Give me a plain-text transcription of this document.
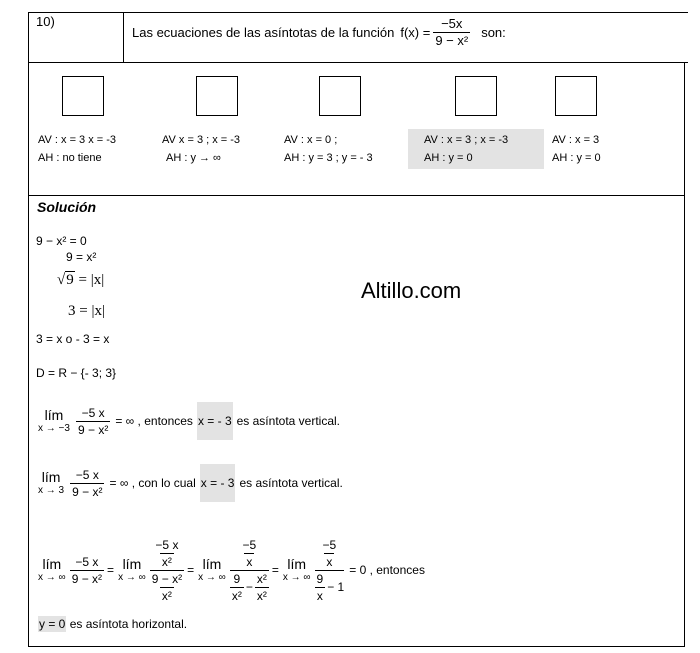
10)
Las ecuaciones de las asíntotas de la función $f(x) = \frac{-5x}{\text{9 − x²}}$ son:
AV : x = 3 x = -3
AH : no tiene
AV x = 3 ; x = -3
AH : y → ∞
AV : x = 0 ;
AH : y = 3 ; y = - 3
AV : x = 3 ; x = -3
AH : y = 0
AV : x = 3
AH : y = 0
Solución
9 − x² = 0
9 = x²
√9 = |x|
3 = |x|
3 = x o - 3 = x
D = R − {- 3; 3}
Altillo.com
lím
$x \to -3 \frac{-5 x}{\text{9 − x²}}$ = ∞ , entonces x = - 3 es asíntota vertical.
lím
$x \to 3 \frac{-5 x}{\text{9 − x²}}$ = ∞ , con lo cual x = - 3 es asíntota vertical.
lím
x → ∞ $\frac{-5 x}{\text{9 − x²}}$ = lím
x → ∞ $\frac{\frac{-5 x}{\text{x²}}}{\frac{\text{9 − x²}}{\text{x²}}}$ = lím
x → ∞ $\frac{\frac{-5}{x}}{\frac{9}{\text{x²}} - \frac{\text{x²}}{\text{x²}}}$ = lím
x → ∞ $\frac{\frac{-5}{x}}{\frac{9}{x} - 1} = 0$ , entonces
y = 0 es asíntota horizontal.
